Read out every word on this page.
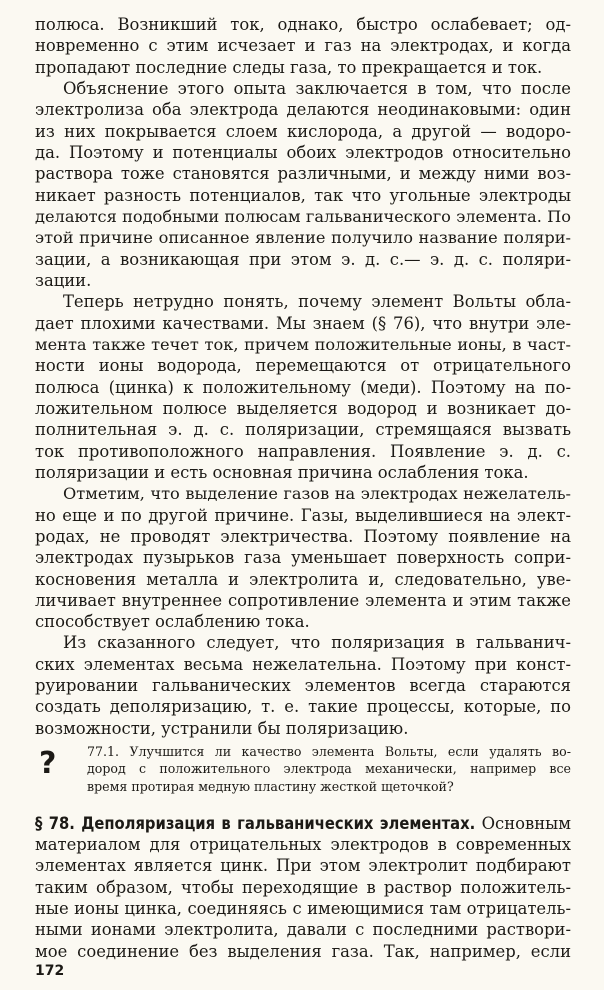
полюса. Возникший ток, однако, быстро ослабевает; од-
новременно с этим исчезает и газ на электродах, и когда
пропадают последние следы газа, то прекращается и ток.
Объяснение этого опыта заключается в том, что после
электролиза оба электрода делаются неодинаковыми: один
из них покрывается слоем кислорода, а другой — водоро-
да. Поэтому и потенциалы обоих электродов относительно
раствора тоже становятся различными, и между ними воз-
никает разность потенциалов, так что угольные электроды
делаются подобными полюсам гальванического элемента. По
этой причине описанное явление получило название поляри-
зации, а возникающая при этом э. д. с.— э. д. с. поляри-
зации.
Теперь нетрудно понять, почему элемент Вольты обла-
дает плохими качествами. Мы знаем (§ 76), что внутри эле-
мента также течет ток, причем положительные ионы, в част-
ности ионы водорода, перемещаются от отрицательного
полюса (цинка) к положительному (меди). Поэтому на по-
ложительном полюсе выделяется водород и возникает до-
полнительная э. д. с. поляризации, стремящаяся вызвать
ток противоположного направления. Появление э. д. с.
поляризации и есть основная причина ослабления тока.
Отметим, что выделение газов на электродах нежелатель-
но еще и по другой причине. Газы, выделившиеся на элект-
родах, не проводят электричества. Поэтому появление на
электродах пузырьков газа уменьшает поверхность сопри-
косновения металла и электролита и, следовательно, уве-
личивает внутреннее сопротивление элемента и этим также
способствует ослаблению тока.
Из сказанного следует, что поляризация в гальванич-
ских элементах весьма нежелательна. Поэтому при конст-
руировании гальванических элементов всегда стараются
создать деполяризацию, т. е. такие процессы, которые, по
возможности, устранили бы поляризацию.
? 77.1. Улучшится ли качество элемента Вольты, если удалять во-
дород с положительного электрода механически, например все
время протирая медную пластину жесткой щеточкой?
§ 78. Деполяризация в гальванических элементах. Основным
материалом для отрицательных электродов в современных
элементах является цинк. При этом электролит подбирают
таким образом, чтобы переходящие в раствор положитель-
ные ионы цинка, соединяясь с имеющимися там отрицатель-
ными ионами электролита, давали с последними раствори-
мое соединение без выделения газа. Так, например, если
172
